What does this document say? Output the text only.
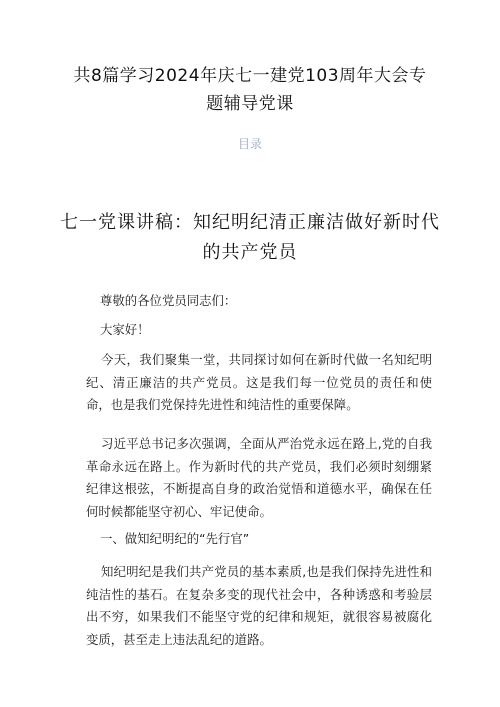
共8篇学习2024年庆七一建党103周年大会专题辅导党课
目录
七一党课讲稿：知纪明纪清正廉洁做好新时代的共产党员

尊敬的各位党员同志们：

大家好！

今天，我们聚集一堂，共同探讨如何在新时代做一名知纪明纪、清正廉洁的共产党员。这是我们每一位党员的责任和使命，也是我们党保持先进性和纯洁性的重要保障。

习近平总书记多次强调，全面从严治党永远在路上,党的自我革命永远在路上。作为新时代的共产党员，我们必须时刻绷紧纪律这根弦，不断提高自身的政治觉悟和道德水平，确保在任何时候都能坚守初心、牢记使命。

一、做知纪明纪的“先行官”

知纪明纪是我们共产党员的基本素质,也是我们保持先进性和纯洁性的基石。在复杂多变的现代社会中，各种诱惑和考验层出不穷，如果我们不能坚守党的纪律和规矩，就很容易被腐化变质，甚至走上违法乱纪的道路。
